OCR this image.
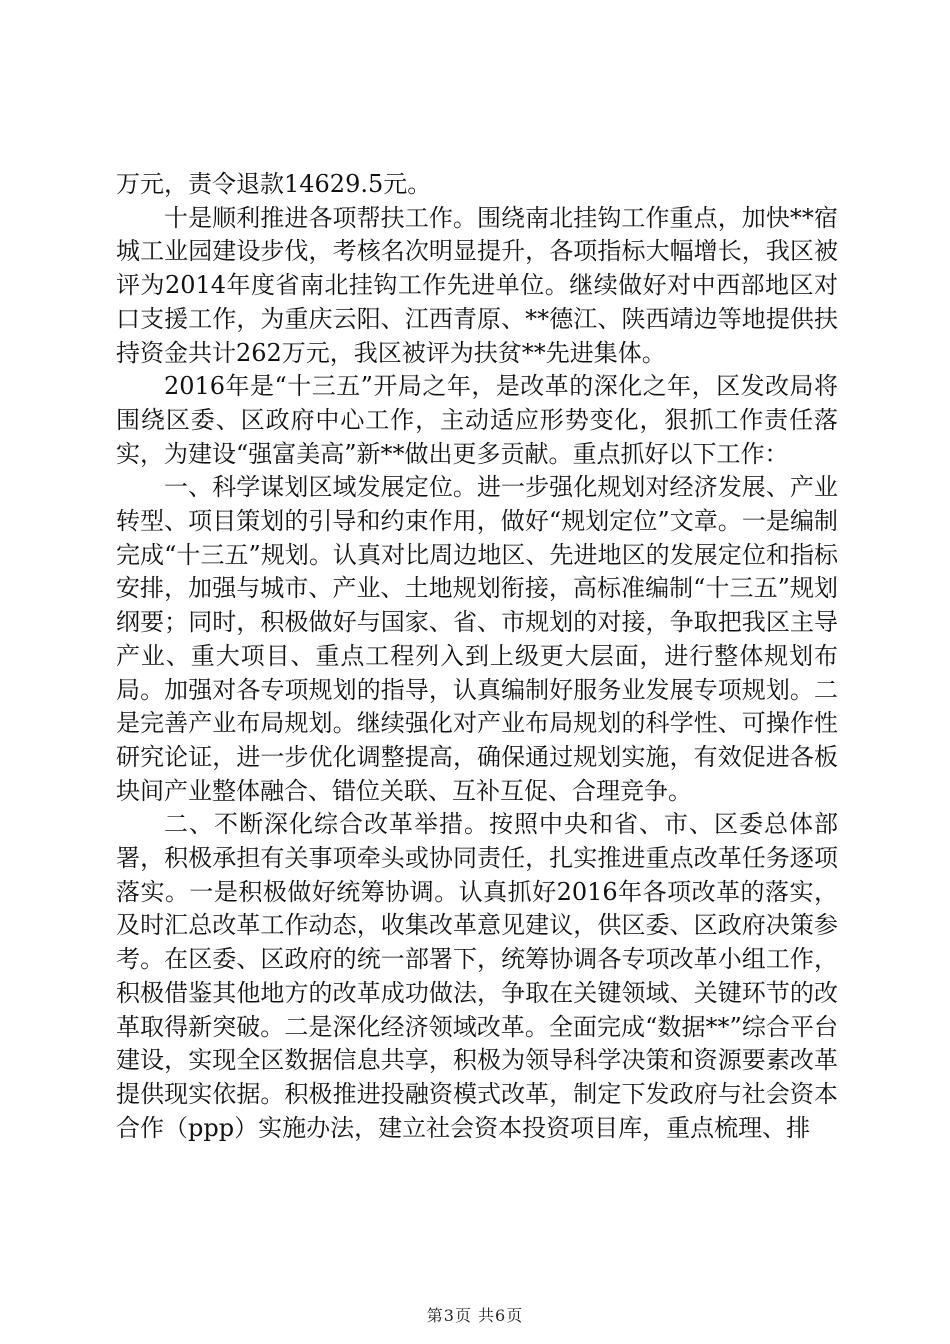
万元，责令退款14629.5元。

十是顺利推进各项帮扶工作。围绕南北挂钩工作重点，加快**宿城工业园建设步伐，考核名次明显提升，各项指标大幅增长，我区被评为2014年度省南北挂钩工作先进单位。继续做好对中西部地区对口支援工作，为重庆云阳、江西青原、**德江、陕西靖边等地提供扶持资金共计262万元，我区被评为扶贫**先进集体。

2016年是“十三五”开局之年，是改革的深化之年，区发改局将围绕区委、区政府中心工作，主动适应形势变化，狠抓工作责任落实，为建设“强富美高”新**做出更多贡献。重点抓好以下工作：

一、科学谋划区域发展定位。进一步强化规划对经济发展、产业转型、项目策划的引导和约束作用，做好“规划定位”文章。一是编制完成“十三五”规划。认真对比周边地区、先进地区的发展定位和指标安排，加强与城市、产业、土地规划衔接，高标准编制“十三五”规划纲要；同时，积极做好与国家、省、市规划的对接，争取把我区主导产业、重大项目、重点工程列入到上级更大层面，进行整体规划布局。加强对各专项规划的指导，认真编制好服务业发展专项规划。二是完善产业布局规划。继续强化对产业布局规划的科学性、可操作性研究论证，进一步优化调整提高，确保通过规划实施，有效促进各板块间产业整体融合、错位关联、互补互促、合理竞争。

二、不断深化综合改革举措。按照中央和省、市、区委总体部署，积极承担有关事项牵头或协同责任，扎实推进重点改革任务逐项落实。一是积极做好统筹协调。认真抓好2016年各项改革的落实，及时汇总改革工作动态，收集改革意见建议，供区委、区政府决策参考。在区委、区政府的统一部署下，统筹协调各专项改革小组工作，积极借鉴其他地方的改革成功做法，争取在关键领域、关键环节的改革取得新突破。二是深化经济领域改革。全面完成“数据**”综合平台建设，实现全区数据信息共享，积极为领导科学决策和资源要素改革提供现实依据。积极推进投融资模式改革，制定下发政府与社会资本合作（ppp）实施办法，建立社会资本投资项目库，重点梳理、排

第3页 共6页
